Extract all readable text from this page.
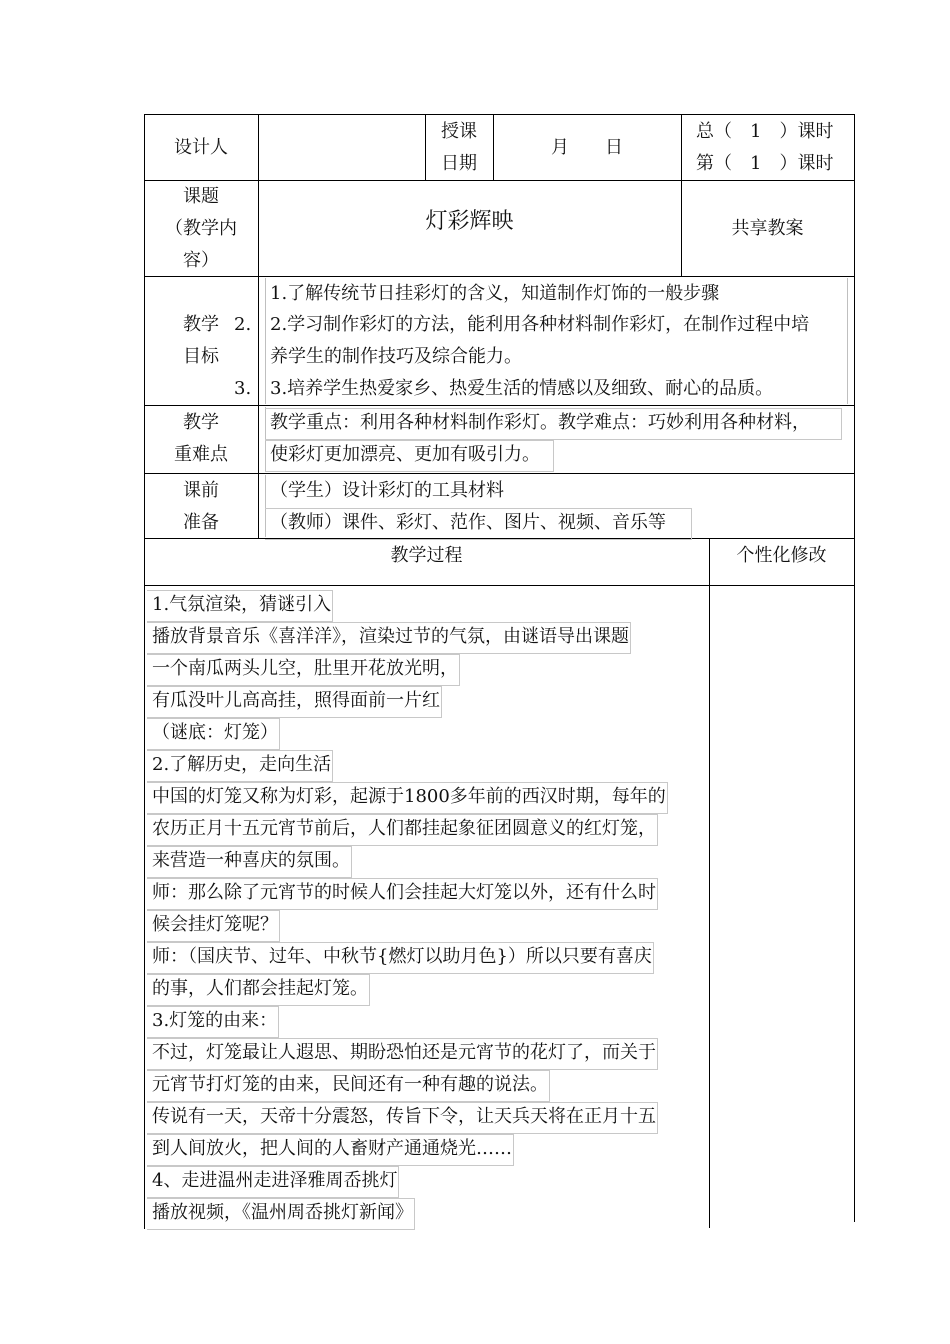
设计人
授课
日期
月　　日
总（　1　）课时
第（　1　）课时
课题
（教学内
容）
灯彩辉映	共享教案
教学
目标
2.
3.
1.了解传统节日挂彩灯的含义，知道制作灯饰的一般步骤
2.学习制作彩灯的方法，能利用各种材料制作彩灯，在制作过程中培
养学生的制作技巧及综合能力。
3.培养学生热爱家乡、热爱生活的情感以及细致、耐心的品质。
教学
重难点
教学重点：利用各种材料制作彩灯。教学难点：巧妙利用各种材料，
使彩灯更加漂亮、更加有吸引力。
课前
准备
（学生）设计彩灯的工具材料
（教师）课件、彩灯、范作、图片、视频、音乐等
教学过程	个性化修改
1.气氛渲染，猜谜引入
播放背景音乐《喜洋洋》，渲染过节的气氛，由谜语导出课题
一个南瓜两头儿空，肚里开花放光明，
有瓜没叶儿高高挂，照得面前一片红
（谜底：灯笼）
2.了解历史，走向生活
中国的灯笼又称为灯彩，起源于1800多年前的西汉时期，每年的
农历正月十五元宵节前后，人们都挂起象征团圆意义的红灯笼，
来营造一种喜庆的氛围。
师：那么除了元宵节的时候人们会挂起大灯笼以外，还有什么时
候会挂灯笼呢？
师：（国庆节、过年、中秋节{燃灯以助月色}）所以只要有喜庆
的事，人们都会挂起灯笼。
3.灯笼的由来：
不过，灯笼最让人遐思、期盼恐怕还是元宵节的花灯了，而关于
元宵节打灯笼的由来，民间还有一种有趣的说法。
传说有一天，天帝十分震怒，传旨下令，让天兵天将在正月十五
到人间放火，把人间的人畜财产通通烧光……
4、走进温州走进泽雅周岙挑灯
播放视频，《温州周岙挑灯新闻》
